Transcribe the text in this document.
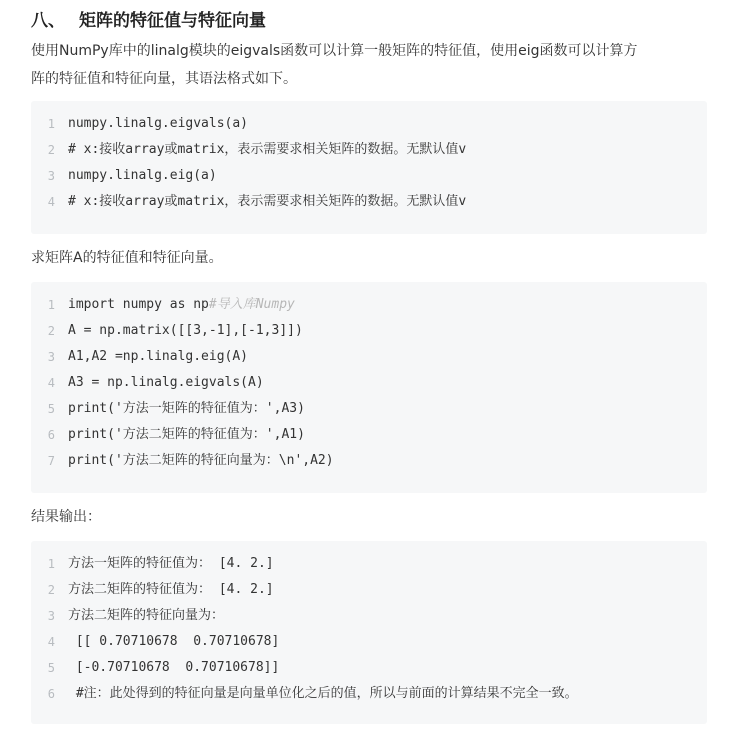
八、 矩阵的特征值与特征向量
使用NumPy库中的linalg模块的eigvals函数可以计算一般矩阵的特征值，使用eig函数可以计算方
阵的特征值和特征向量，其语法格式如下。
1 numpy.linalg.eigvals(a)
2 # x:接收array或matrix，表示需要求相关矩阵的数据。无默认值v
3 numpy.linalg.eig(a)
4 # x:接收array或matrix，表示需要求相关矩阵的数据。无默认值v
求矩阵A的特征值和特征向量。
1 import numpy as np#导入库Numpy
2 A = np.matrix([[3,-1],[-1,3]])
3 A1,A2 =np.linalg.eig(A)
4 A3 = np.linalg.eigvals(A)
5 print('方法一矩阵的特征值为：',A3)
6 print('方法二矩阵的特征值为：',A1)
7 print('方法二矩阵的特征向量为：\n',A2)
结果输出：
1 方法一矩阵的特征值为： [4. 2.]
2 方法二矩阵的特征值为： [4. 2.]
3 方法二矩阵的特征向量为：
4 [[ 0.70710678  0.70710678]
5 [-0.70710678  0.70710678]]
6 #注：此处得到的特征向量是向量单位化之后的值，所以与前面的计算结果不完全一致。
